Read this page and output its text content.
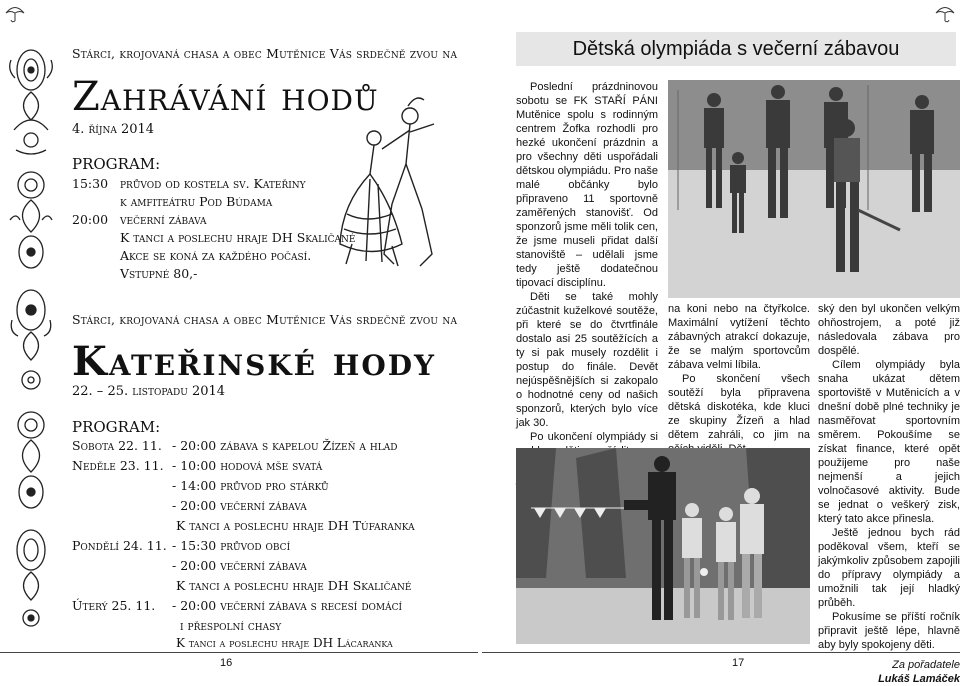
Stárci, krojovaná chasa a obec Mutěnice Vás srdečně zvou na
Zahrávání hodů
4. října 2014
PROGRAM:
15:30 průvod od kostela sv. Kateřiny
k amfiteátru Pod Búdama
20:00 večerní zábava
K tanci a poslechu hraje DH Skaličané
Akce se koná za každého počasí.
Vstupné 80,-
Stárci, krojovaná chasa a obec Mutěnice Vás srdečně zvou na
Kateřinské hody
22. – 25. listopadu 2014
PROGRAM:
Sobota 22. 11. - 20:00 zábava s kapelou Žízeň a hlad
Neděle 23. 11. - 10:00 hodová mše svatá
- 14:00 průvod pro stárků
- 20:00 večerní zábava
K tanci a poslechu hraje DH Túfaranka
Pondělí 24. 11. - 15:30 průvod obcí
- 20:00 večerní zábava
K tanci a poslechu hraje DH Skaličané
Úterý 25. 11. - 20:00 večerní zábava s recesí domácí
i přespolní chasy
K tanci a poslechu hraje DH Lácaranka
16
Dětská olympiáda s večerní zábavou

Poslední prázdninovou sobotu se FK STAŘÍ PÁNI Mutěnice spolu s rodinným centrem Žofka rozhodli pro hezké ukončení prázdnin a pro všechny děti uspořádali dětskou olympiádu. Pro naše malé občánky bylo připraveno 11 sportovně zaměřených stanovišť. Od sponzorů jsme měli tolik cen, že jsme museli přidat další stanoviště – udělali jsme tedy ještě dodatečnou tipovací disciplínu.

Děti se také mohly zúčastnit kuželkové soutěže, při které se do čtvrtfinále dostalo asi 25 soutěžících a ty si pak musely rozdělit i postup do finále. Devět nejúspěšnějších si zakopalo o hodnotné ceny od našich sponzorů, kterých bylo více jak 30.

Po ukončení olympiády si

na koni nebo na čtyřkolce. Maximální vytížení těchto zábavných atrakcí dokazuje, že se malým sportovcům zábava velmi líbila.

Po skončení všech soutěží byla připravena dětská diskotéka, kde kluci ze skupiny Žízeň a hlad dětem zahráli, co jim na

ský den byl ukončen velkým ohňostrojem, a poté již následovala zábava pro dospělé.

Cílem olympiády byla snaha ukázat dětem sportoviště v Mutěnicích a v dnešní době plné techniky je nasměřovat sportovním směrem. Pokoušíme se získat finance, které opět použijeme pro naše nejmenší a jejich volnočasové aktivity. Bude se jednat o veškerý zisk, který tato akce přinesla.

Ještě jednou bych rád poděkoval všem, kteří se jakýmkoliv způsobem zapojili do přípravy olympiády a umožnili tak její hladký průběh.

Pokusíme se příští ročník připravit ještě lépe, hlavně aby byly spokojeny děti.

Za pořadatele
Lukáš Lamáček
17
